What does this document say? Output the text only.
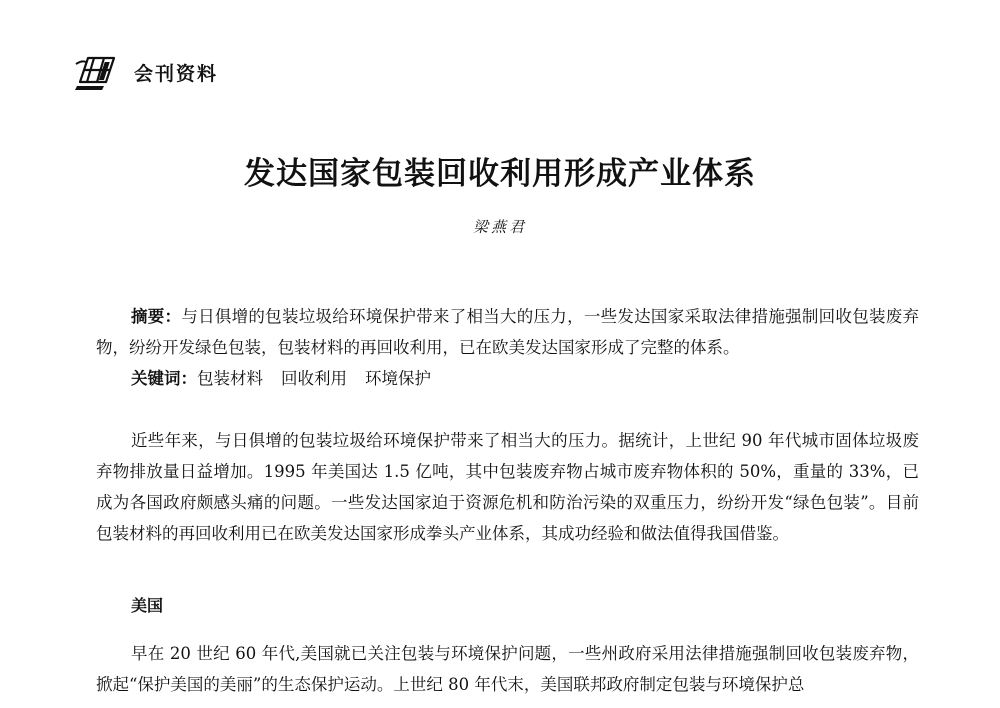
会刊资料
发达国家包装回收利用形成产业体系
梁燕君
摘要：与日俱增的包装垃圾给环境保护带来了相当大的压力，一些发达国家采取法律措施强制回收包装废弃物，纷纷开发绿色包装，包装材料的再回收利用，已在欧美发达国家形成了完整的体系。
关键词：包装材料 回收利用 环境保护
近些年来，与日俱增的包装垃圾给环境保护带来了相当大的压力。据统计，上世纪 90 年代城市固体垃圾废弃物排放量日益增加。1995 年美国达 1.5 亿吨，其中包装废弃物占城市废弃物体积的 50%，重量的 33%，已成为各国政府颇感头痛的问题。一些发达国家迫于资源危机和防治污染的双重压力，纷纷开发“绿色包装”。目前包装材料的再回收利用已在欧美发达国家形成拳头产业体系，其成功经验和做法值得我国借鉴。
美国
早在 20 世纪 60 年代,美国就已关注包装与环境保护问题，一些州政府采用法律措施强制回收包装废弃物，掀起“保护美国的美丽”的生态保护运动。上世纪 80 年代末，美国联邦政府制定包装与环境保护总
